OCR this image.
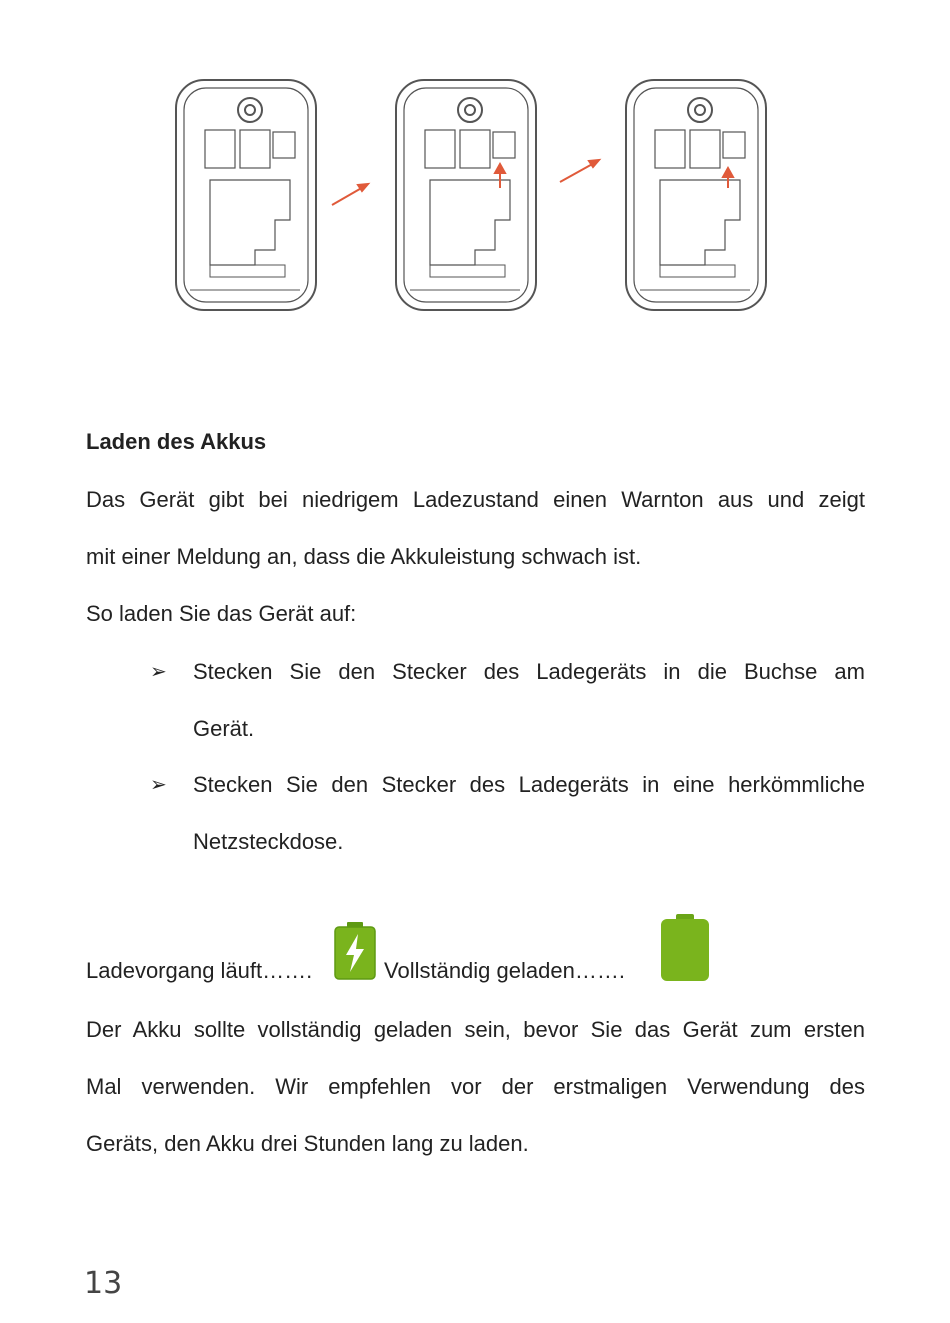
Laden des Akkus
Das Gerät gibt bei niedrigem Ladezustand einen Warnton aus und zeigt
mit einer Meldung an, dass die Akkuleistung schwach ist.
So laden Sie das Gerät auf:
➢ Stecken Sie den Stecker des Ladegeräts in die Buchse am
Gerät.
➢ Stecken Sie den Stecker des Ladegeräts in eine herkömmliche
Netzsteckdose.
Ladevorgang läuft…….	Vollständig geladen…….
Der Akku sollte vollständig geladen sein, bevor Sie das Gerät zum ersten
Mal verwenden. Wir empfehlen vor der erstmaligen Verwendung des
Geräts, den Akku drei Stunden lang zu laden.
13
